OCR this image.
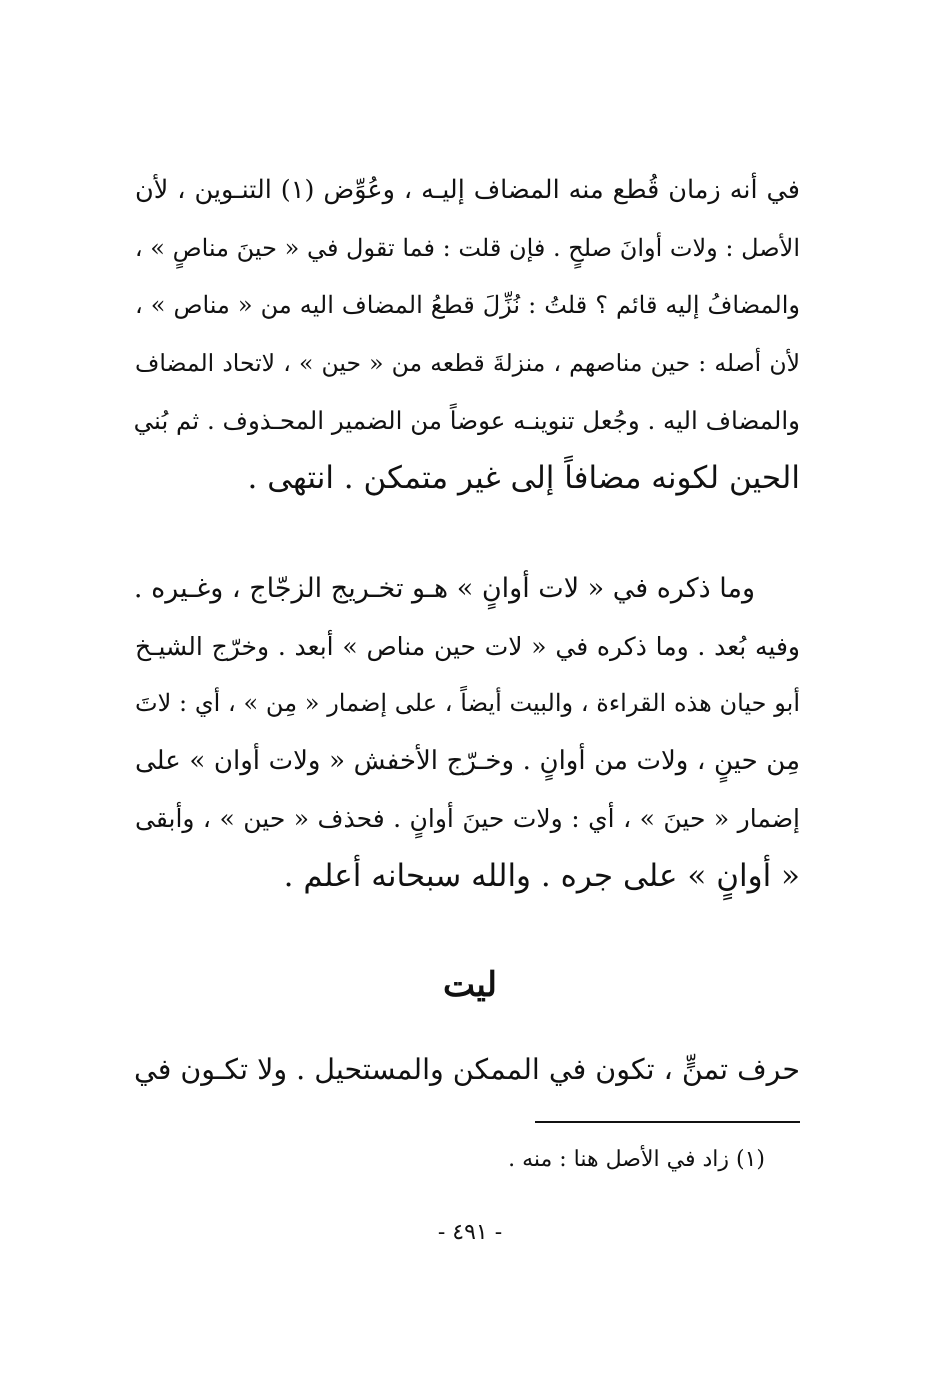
في أنه زمان قُطع منه المضاف إليـه ، وعُوِّض (١) التنـوين ، لأن
الأصل : ولات أوانَ صلحٍ . فإن قلت : فما تقول في « حينَ مناصٍ » ،
والمضافُ إليه قائم ؟ قلتُ : نُزِّلَ قطعُ المضاف اليه من « مناص » ،
لأن أصله : حين مناصهم ، منزلةَ قطعه من « حين » ، لاتحاد المضاف
والمضاف اليه . وجُعل تنوينـه عوضاً من الضمير المحـذوف . ثم بُني
الحين لكونه مضافاً إلى غير متمكن . انتهى .
وما ذكره في « لات أوانٍ » هـو تخـريج الزجّاج ، وغـيره .
وفيه بُعد . وما ذكره في « لات حين مناص » أبعد . وخرّج الشيـخ
أبو حيان هذه القراءة ، والبيت أيضاً ، على إضمار « مِن » ، أي : لاتَ
مِن حينٍ ، ولات من أوانٍ . وخـرّج الأخفش « ولات أوان » على
إضمار « حينَ » ، أي : ولات حينَ أوانٍ . فحذف « حين » ، وأبقى
« أوانٍ » على جره . والله سبحانه أعلم .
ليت
حرف تمنٍّ ، تكون في الممكن والمستحيل . ولا تكـون في
(١) زاد في الأصل هنا : منه .
- ٤٩١ -
